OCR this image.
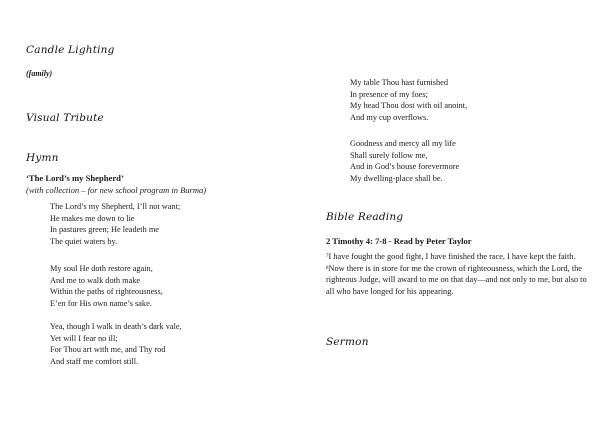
Candle Lighting
(family)
Visual Tribute
Hymn
‘The Lord’s my Shepherd’
(with collection – for new school program in Burma)
The Lord’s my Shepherd, I’ll not want;
He makes me down to lie
In pastures green; He leadeth me
The quiet waters by.
My soul He doth restore again,
And me to walk doth make
Within the paths of righteousness,
E’en for His own name’s sake.
Yea, though I walk in death’s dark vale,
Yet will I fear no ill;
For Thou art with me, and Thy rod
And staff me comfort still.
My table Thou hast furnished
In presence of my foes;
My head Thou dost with oil anoint,
And my cup overflows.
Goodness and mercy all my life
Shall surely follow me,
And in God’s house forevermore
My dwelling-place shall be.
Bible Reading
2 Timothy 4: 7-8 - Read by Peter Taylor
$^7$I have fought the good fight, I have finished the race, I have kept the faith. $^8$Now there is in store for me the crown of righteousness, which the Lord, the righteous Judge, will award to me on that day—and not only to me, but also to all who have longed for his appearing.
Sermon
